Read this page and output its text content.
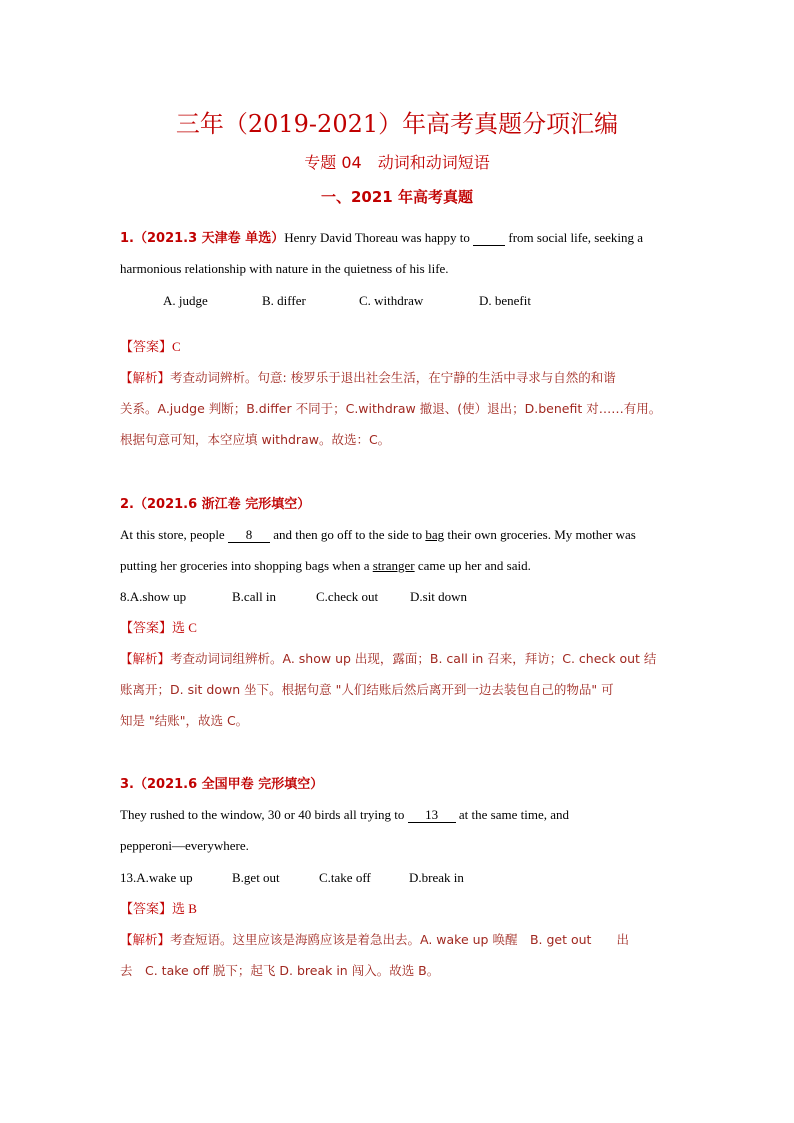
三年（2019-2021）年高考真题分项汇编
专题 04　动词和动词短语
一、2021 年高考真题
1.（2021.3 天津卷 单选）Henry David Thoreau was happy to	from social life, seeking a
harmonious relationship with nature in the quietness of his life.
A. judge	B. differ	C. withdraw	D. benefit
【答案】C
【解析】考查动词辨析。句意: 梭罗乐于退出社会生活，在宁静的生活中寻求与自然的和谐
关系。A.judge 判断；B.differ 不同于；C.withdraw 撤退、(使）退出；D.benefit 对……有用。
根据句意可知，本空应填 withdraw。故选：C。
2.（2021.6 浙江卷 完形填空）
At this store, people 8 and then go off to the side to bag their own groceries. My mother was
putting her groceries into shopping bags when a stranger came up her and said.
8.A.show up	B.call in	C.check out D.sit down
【答案】选 C
【解析】考查动词词组辨析。A. show up 出现，露面；B. call in 召来，拜访；C. check out 结
账离开；D. sit down 坐下。根据句意 "人们结账后然后离开到一边去装包自己的物品" 可
知是 "结账"，故选 C。
3.（2021.6 全国甲卷 完形填空）
They rushed to the window, 30 or 40 birds all trying to 13 at the same time, and
pepperoni—everywhere.
13.A.wake up	B.get out	C.take off	D.break in
【答案】选 B
【解析】考查短语。这里应该是海鸥应该是着急出去。A. wake up 唤醒　B. get out　　出
去　C. take off 脱下；起飞 D. break in 闯入。故选 B。
